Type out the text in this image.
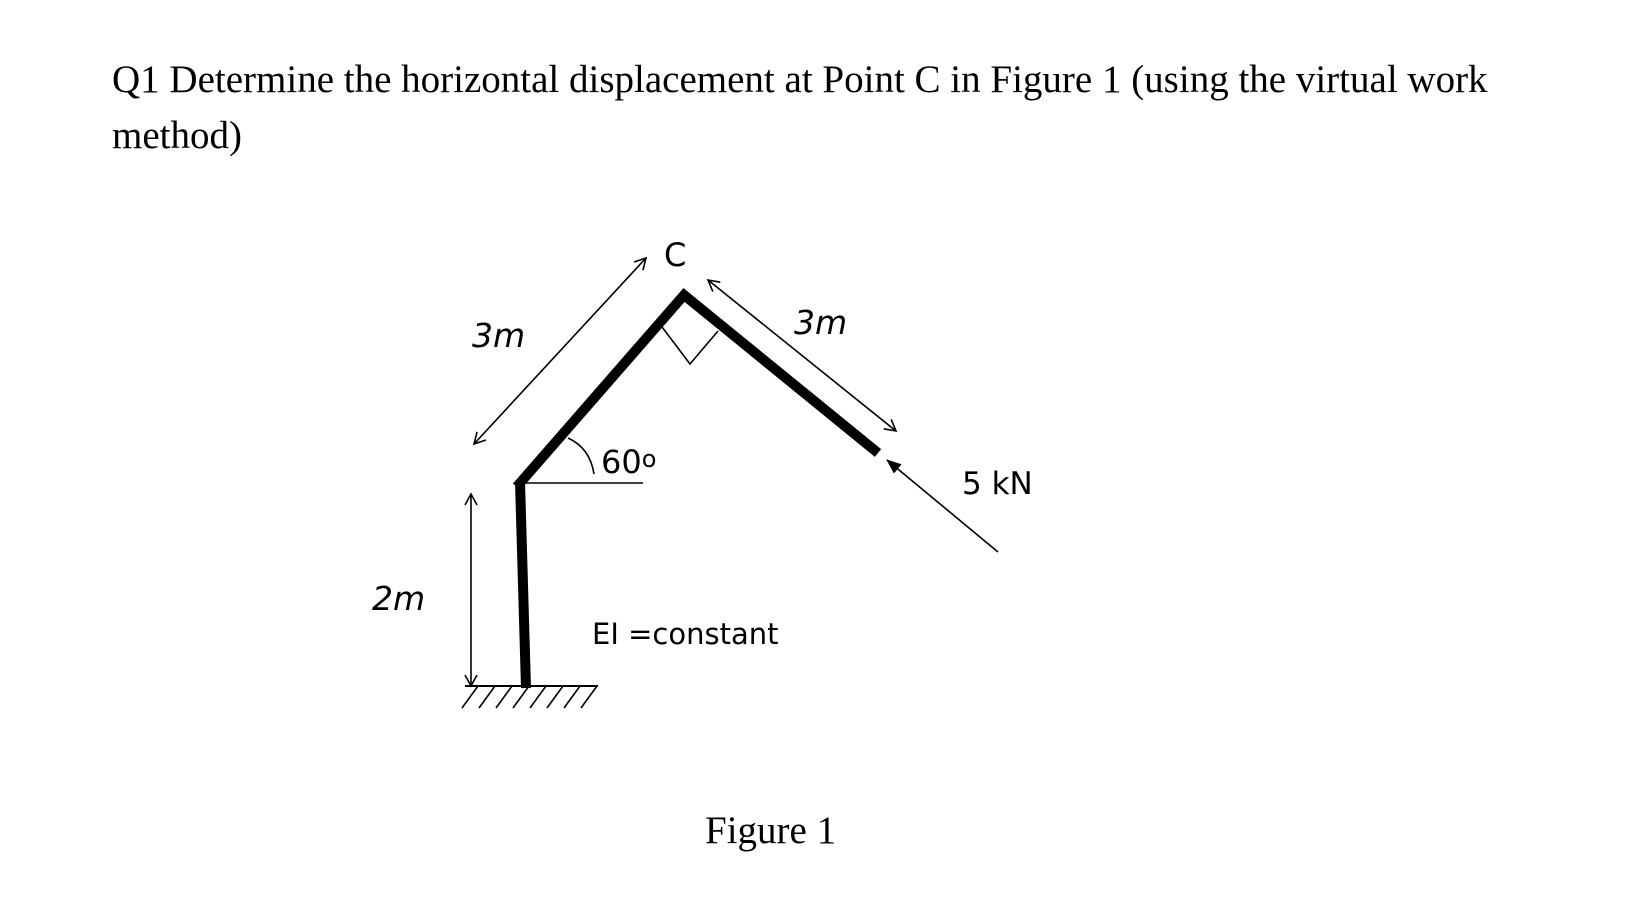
Q1 Determine the horizontal displacement at Point C in Figure 1 (using the virtual work method)

C
3m	3m
2m
60o
5 kN
EI =constant
Figure 1
